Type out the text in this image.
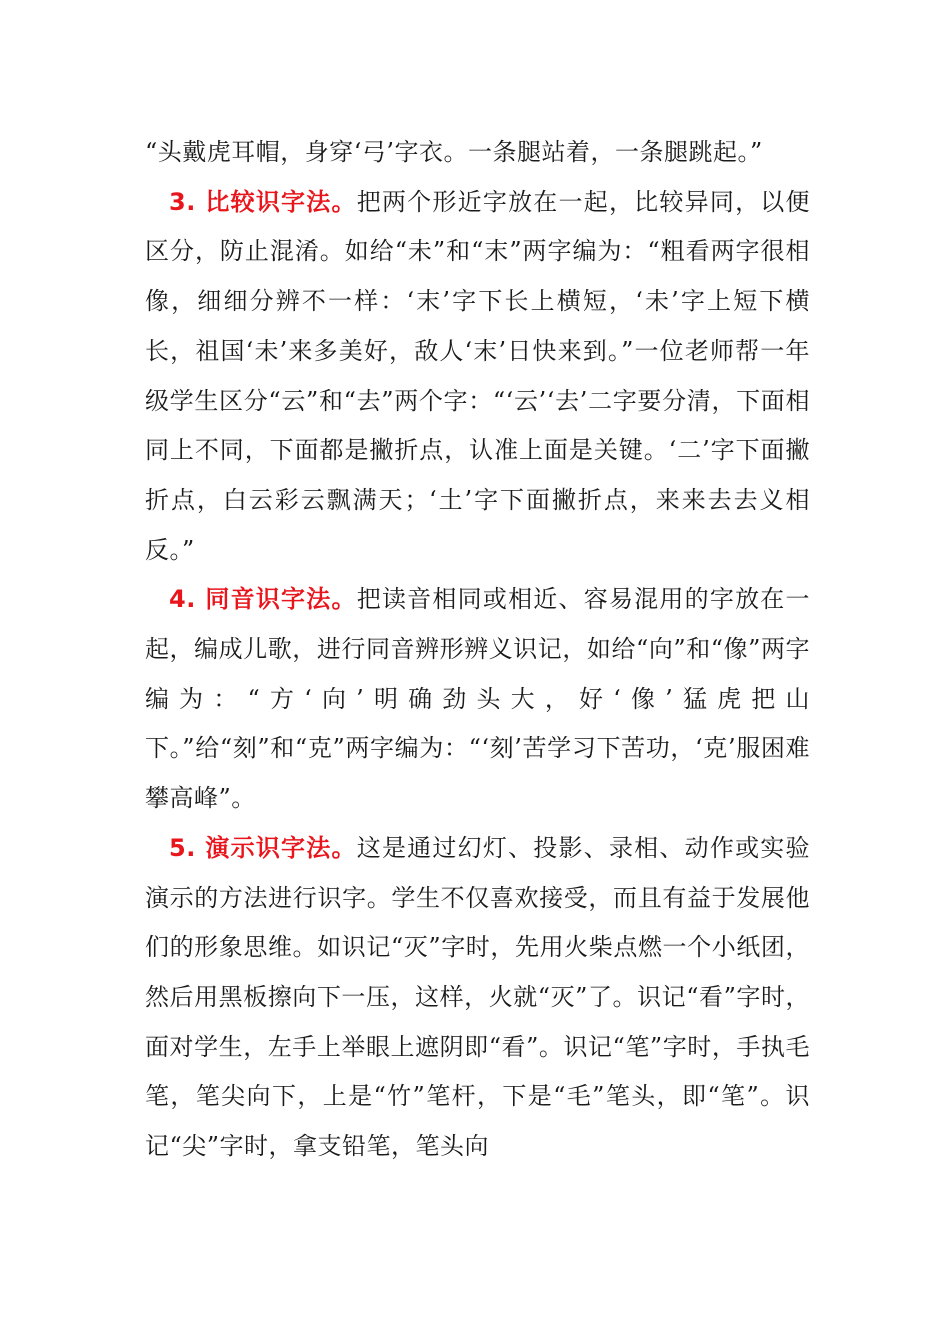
“头戴虎耳帽，身穿‘弓’字衣。一条腿站着，一条腿跳起。”

3. 比较识字法。把两个形近字放在一起，比较异同，以便区分，防止混淆。如给“未”和“末”两字编为：“粗看两字很相像，细细分辨不一样：‘末’字下长上横短，‘未’字上短下横长，祖国‘未’来多美好，敌人‘末’日快来到。”一位老师帮一年级学生区分“云”和“去”两个字：“‘云’‘去’二字要分清，下面相同上不同，下面都是撇折点，认准上面是关键。‘二’字下面撇折点，白云彩云飘满天；‘土’字下面撇折点，来来去去义相反。”

4. 同音识字法。把读音相同或相近、容易混用的字放在一起，编成儿歌，进行同音辨形辨义识记，如给“向”和“像”两字编为：“方‘向’明确劲头大，好‘像’猛虎把山下。”给“刻”和“克”两字编为：“‘刻’苦学习下苦功，‘克’服困难攀高峰”。

5. 演示识字法。这是通过幻灯、投影、录相、动作或实验演示的方法进行识字。学生不仅喜欢接受，而且有益于发展他们的形象思维。如识记“灭”字时，先用火柴点燃一个小纸团，然后用黑板擦向下一压，这样，火就“灭”了。识记“看”字时，面对学生，左手上举眼上遮阴即“看”。识记“笔”字时，手执毛笔，笔尖向下，上是“竹”笔杆，下是“毛”笔头，即“笔”。识记“尖”字时，拿支铅笔，笔头向
